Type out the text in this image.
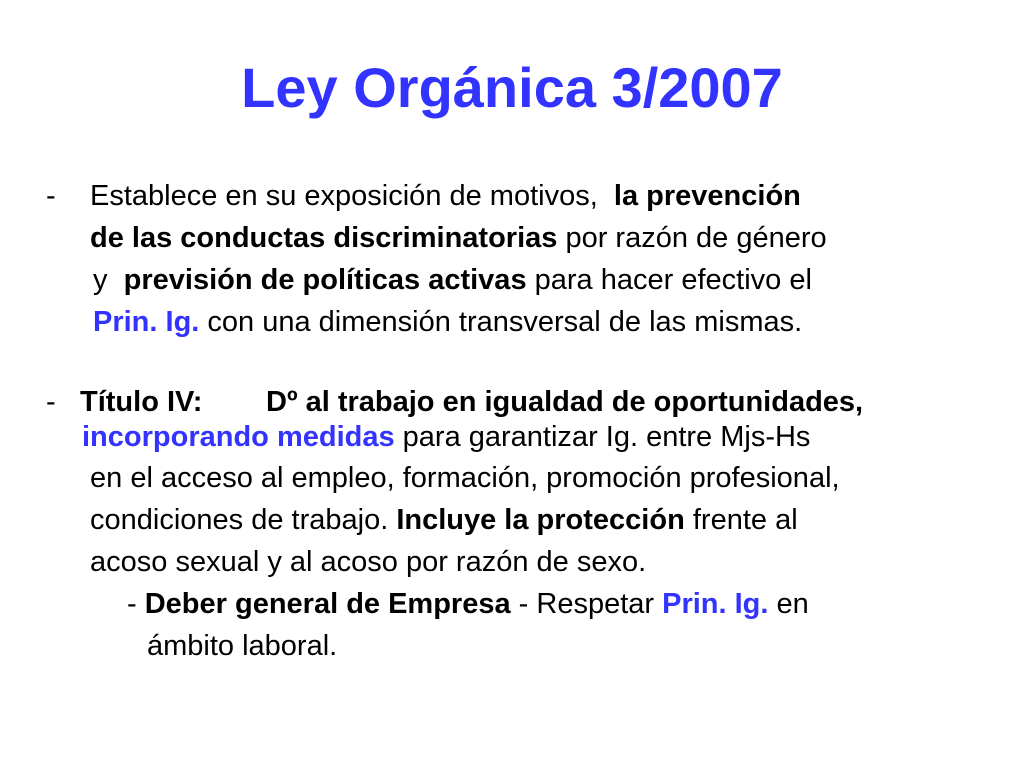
Ley Orgánica 3/2007
- Establece en su exposición de motivos, la prevención
de las conductas discriminatorias por razón de género
y previsión de políticas activas para hacer efectivo el
Prin. Ig. con una dimensión transversal de las mismas.
- Título IV: Dº al trabajo en igualdad de oportunidades,
incorporando medidas para garantizar Ig. entre Mjs-Hs
en el acceso al empleo, formación, promoción profesional,
condiciones de trabajo. Incluye la protección frente al
acoso sexual y al acoso por razón de sexo.
- Deber general de Empresa - Respetar Prin. Ig. en
ámbito laboral.
